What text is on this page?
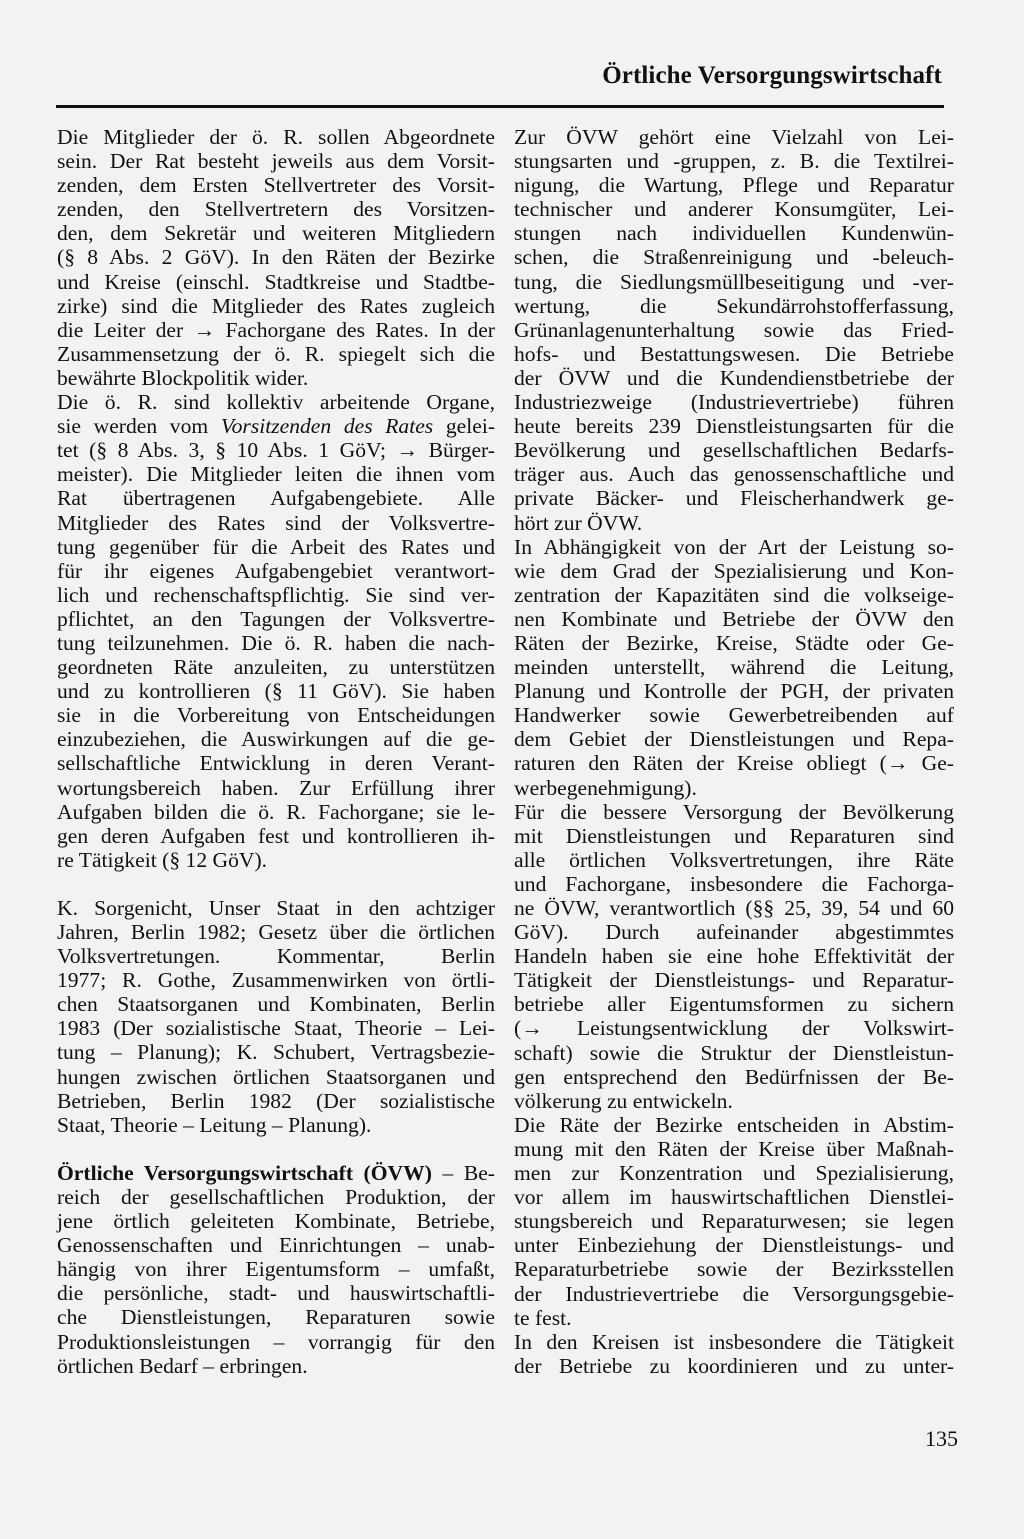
Örtliche Versorgungswirtschaft
Die Mitglieder der ö. R. sollen Abgeordnete
sein. Der Rat besteht jeweils aus dem Vorsit-
zenden, dem Ersten Stellvertreter des Vorsit-
zenden, den Stellvertretern des Vorsitzen-
den, dem Sekretär und weiteren Mitgliedern
(§ 8 Abs. 2 GöV). In den Räten der Bezirke
und Kreise (einschl. Stadtkreise und Stadtbe-
zirke) sind die Mitglieder des Rates zugleich
die Leiter der → Fachorgane des Rates. In der
Zusammensetzung der ö. R. spiegelt sich die
bewährte Blockpolitik wider.
Die ö. R. sind kollektiv arbeitende Organe,
sie werden vom Vorsitzenden des Rates gelei-
tet (§ 8 Abs. 3, § 10 Abs. 1 GöV; → Bürger-
meister). Die Mitglieder leiten die ihnen vom
Rat übertragenen Aufgabengebiete. Alle
Mitglieder des Rates sind der Volksvertre-
tung gegenüber für die Arbeit des Rates und
für ihr eigenes Aufgabengebiet verantwort-
lich und rechenschaftspflichtig. Sie sind ver-
pflichtet, an den Tagungen der Volksvertre-
tung teilzunehmen. Die ö. R. haben die nach-
geordneten Räte anzuleiten, zu unterstützen
und zu kontrollieren (§ 11 GöV). Sie haben
sie in die Vorbereitung von Entscheidungen
einzubeziehen, die Auswirkungen auf die ge-
sellschaftliche Entwicklung in deren Verant-
wortungsbereich haben. Zur Erfüllung ihrer
Aufgaben bilden die ö. R. Fachorgane; sie le-
gen deren Aufgaben fest und kontrollieren ih-
re Tätigkeit (§ 12 GöV).
K. Sorgenicht, Unser Staat in den achtziger
Jahren, Berlin 1982; Gesetz über die örtlichen
Volksvertretungen. Kommentar, Berlin
1977; R. Gothe, Zusammenwirken von örtli-
chen Staatsorganen und Kombinaten, Berlin
1983 (Der sozialistische Staat, Theorie – Lei-
tung – Planung); K. Schubert, Vertragsbezie-
hungen zwischen örtlichen Staatsorganen und
Betrieben, Berlin 1982 (Der sozialistische
Staat, Theorie – Leitung – Planung).
Örtliche Versorgungswirtschaft (ÖVW) – Be-
reich der gesellschaftlichen Produktion, der
jene örtlich geleiteten Kombinate, Betriebe,
Genossenschaften und Einrichtungen – unab-
hängig von ihrer Eigentumsform – umfaßt,
die persönliche, stadt- und hauswirtschaftli-
che Dienstleistungen, Reparaturen sowie
Produktionsleistungen – vorrangig für den
örtlichen Bedarf – erbringen.
Zur ÖVW gehört eine Vielzahl von Lei-
stungsarten und -gruppen, z. B. die Textilrei-
nigung, die Wartung, Pflege und Reparatur
technischer und anderer Konsumgüter, Lei-
stungen nach individuellen Kundenwün-
schen, die Straßenreinigung und -beleuch-
tung, die Siedlungsmüllbeseitigung und -ver-
wertung, die Sekundärrohstofferfassung,
Grünanlagenunterhaltung sowie das Fried-
hofs- und Bestattungswesen. Die Betriebe
der ÖVW und die Kundendienstbetriebe der
Industriezweige (Industrievertriebe) führen
heute bereits 239 Dienstleistungsarten für die
Bevölkerung und gesellschaftlichen Bedarfs-
träger aus. Auch das genossenschaftliche und
private Bäcker- und Fleischerhandwerk ge-
hört zur ÖVW.
In Abhängigkeit von der Art der Leistung so-
wie dem Grad der Spezialisierung und Kon-
zentration der Kapazitäten sind die volkseige-
nen Kombinate und Betriebe der ÖVW den
Räten der Bezirke, Kreise, Städte oder Ge-
meinden unterstellt, während die Leitung,
Planung und Kontrolle der PGH, der privaten
Handwerker sowie Gewerbetreibenden auf
dem Gebiet der Dienstleistungen und Repa-
raturen den Räten der Kreise obliegt (→ Ge-
werbegenehmigung).
Für die bessere Versorgung der Bevölkerung
mit Dienstleistungen und Reparaturen sind
alle örtlichen Volksvertretungen, ihre Räte
und Fachorgane, insbesondere die Fachorga-
ne ÖVW, verantwortlich (§§ 25, 39, 54 und 60
GöV). Durch aufeinander abgestimmtes
Handeln haben sie eine hohe Effektivität der
Tätigkeit der Dienstleistungs- und Reparatur-
betriebe aller Eigentumsformen zu sichern
(→ Leistungsentwicklung der Volkswirt-
schaft) sowie die Struktur der Dienstleistun-
gen entsprechend den Bedürfnissen der Be-
völkerung zu entwickeln.
Die Räte der Bezirke entscheiden in Abstim-
mung mit den Räten der Kreise über Maßnah-
men zur Konzentration und Spezialisierung,
vor allem im hauswirtschaftlichen Dienstlei-
stungsbereich und Reparaturwesen; sie legen
unter Einbeziehung der Dienstleistungs- und
Reparaturbetriebe sowie der Bezirksstellen
der Industrievertriebe die Versorgungsgebie-
te fest.
In den Kreisen ist insbesondere die Tätigkeit
der Betriebe zu koordinieren und zu unter-
135
